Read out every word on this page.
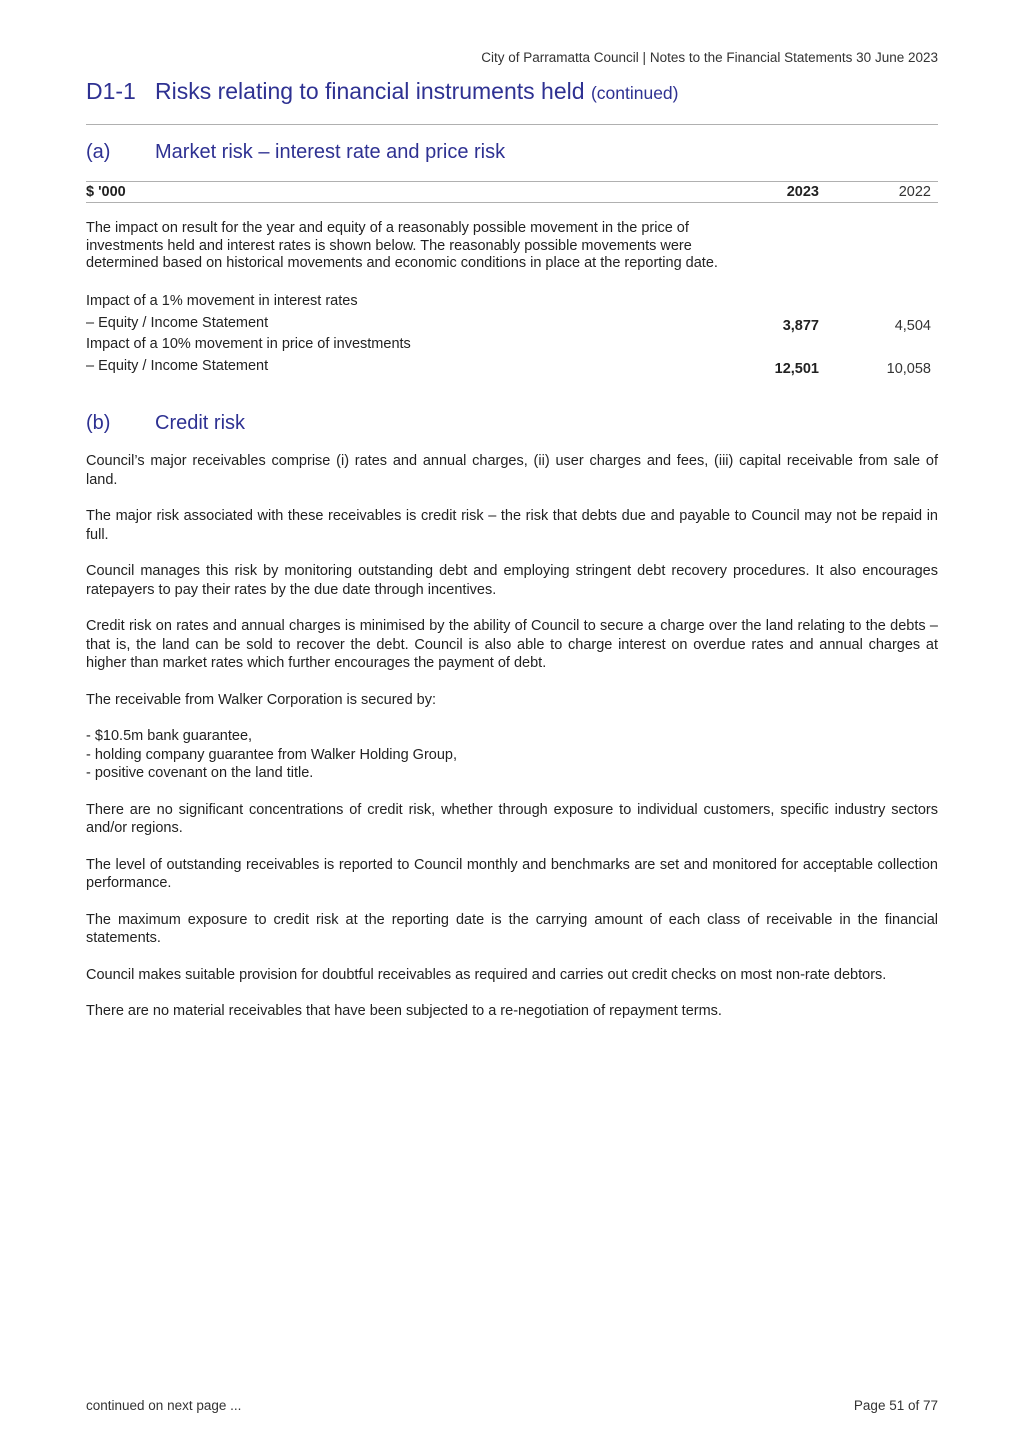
City of Parramatta Council | Notes to the Financial Statements 30 June 2023
D1-1 Risks relating to financial instruments held (continued)
(a) Market risk – interest rate and price risk
$ '000	2023	2022
The impact on result for the year and equity of a reasonably possible movement in the price of investments held and interest rates is shown below. The reasonably possible movements were determined based on historical movements and economic conditions in place at the reporting date.
Impact of a 1% movement in interest rates
– Equity / Income Statement	3,877	4,504
Impact of a 10% movement in price of investments
– Equity / Income Statement	12,501	10,058
(b) Credit risk

Council’s major receivables comprise (i) rates and annual charges, (ii) user charges and fees, (iii) capital receivable from sale of land.

The major risk associated with these receivables is credit risk – the risk that debts due and payable to Council may not be repaid in full.

Council manages this risk by monitoring outstanding debt and employing stringent debt recovery procedures. It also encourages ratepayers to pay their rates by the due date through incentives.

Credit risk on rates and annual charges is minimised by the ability of Council to secure a charge over the land relating to the debts – that is, the land can be sold to recover the debt. Council is also able to charge interest on overdue rates and annual charges at higher than market rates which further encourages the payment of debt.

The receivable from Walker Corporation is secured by:

- $10.5m bank guarantee,
- holding company guarantee from Walker Holding Group,
- positive covenant on the land title.

There are no significant concentrations of credit risk, whether through exposure to individual customers, specific industry sectors and/or regions.

The level of outstanding receivables is reported to Council monthly and benchmarks are set and monitored for acceptable collection performance.

The maximum exposure to credit risk at the reporting date is the carrying amount of each class of receivable in the financial statements.

Council makes suitable provision for doubtful receivables as required and carries out credit checks on most non-rate debtors.

There are no material receivables that have been subjected to a re-negotiation of repayment terms.

continued on next page ...	Page 51 of 77
